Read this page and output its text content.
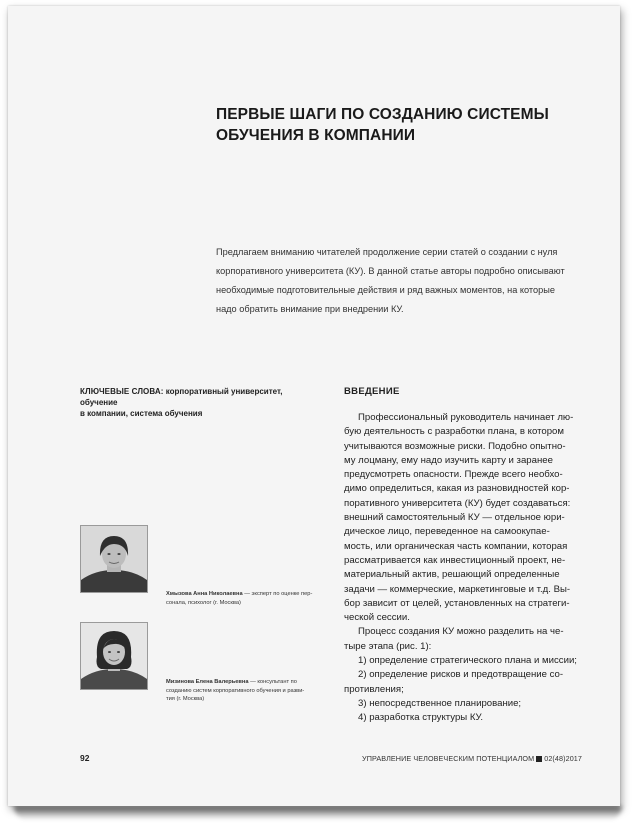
ПЕРВЫЕ ШАГИ ПО СОЗДАНИЮ СИСТЕМЫ
ОБУЧЕНИЯ В КОМПАНИИ
Предлагаем вниманию читателей продолжение серии статей о создании с нуля
корпоративного университета (КУ). В данной статье авторы подробно описывают
необходимые подготовительные действия и ряд важных моментов, на которые
надо обратить внимание при внедрении КУ.
КЛЮЧЕВЫЕ СЛОВА: корпоративный университет, обучение
в компании, система обучения
ВВЕДЕНИЕ
Профессиональный руководитель начинает лю-
бую деятельность с разработки плана, в котором
учитываются возможные риски. Подобно опытно-
му лоцману, ему надо изучить карту и заранее
предусмотреть опасности. Прежде всего необхо-
димо определиться, какая из разновидностей кор-
поративного университета (КУ) будет создаваться:
внешний самостоятельный КУ — отдельное юри-
дическое лицо, переведенное на самоокупае-
мость, или органическая часть компании, которая
рассматривается как инвестиционный проект, не-
материальный актив, решающий определенные
задачи — коммерческие, маркетинговые и т.д. Вы-
бор зависит от целей, установленных на стратеги-
ческой сессии.
Процесс создания КУ можно разделить на че-
тыре этапа (рис. 1):
1) определение стратегического плана и миссии;
2) определение рисков и предотвращение со-
противления;
3) непосредственное планирование;
4) разработка структуры КУ.
Хмызова Анна Николаевна — эксперт по оценке пер-
сонала, психолог (г. Москва)
Мизинова Елена Валерьевна — консультант по
созданию систем корпоративного обучения и разви-
тия (г. Москва)
92	УПРАВЛЕНИЕ ЧЕЛОВЕЧЕСКИМ ПОТЕНЦИАЛОМ 02(48)2017
